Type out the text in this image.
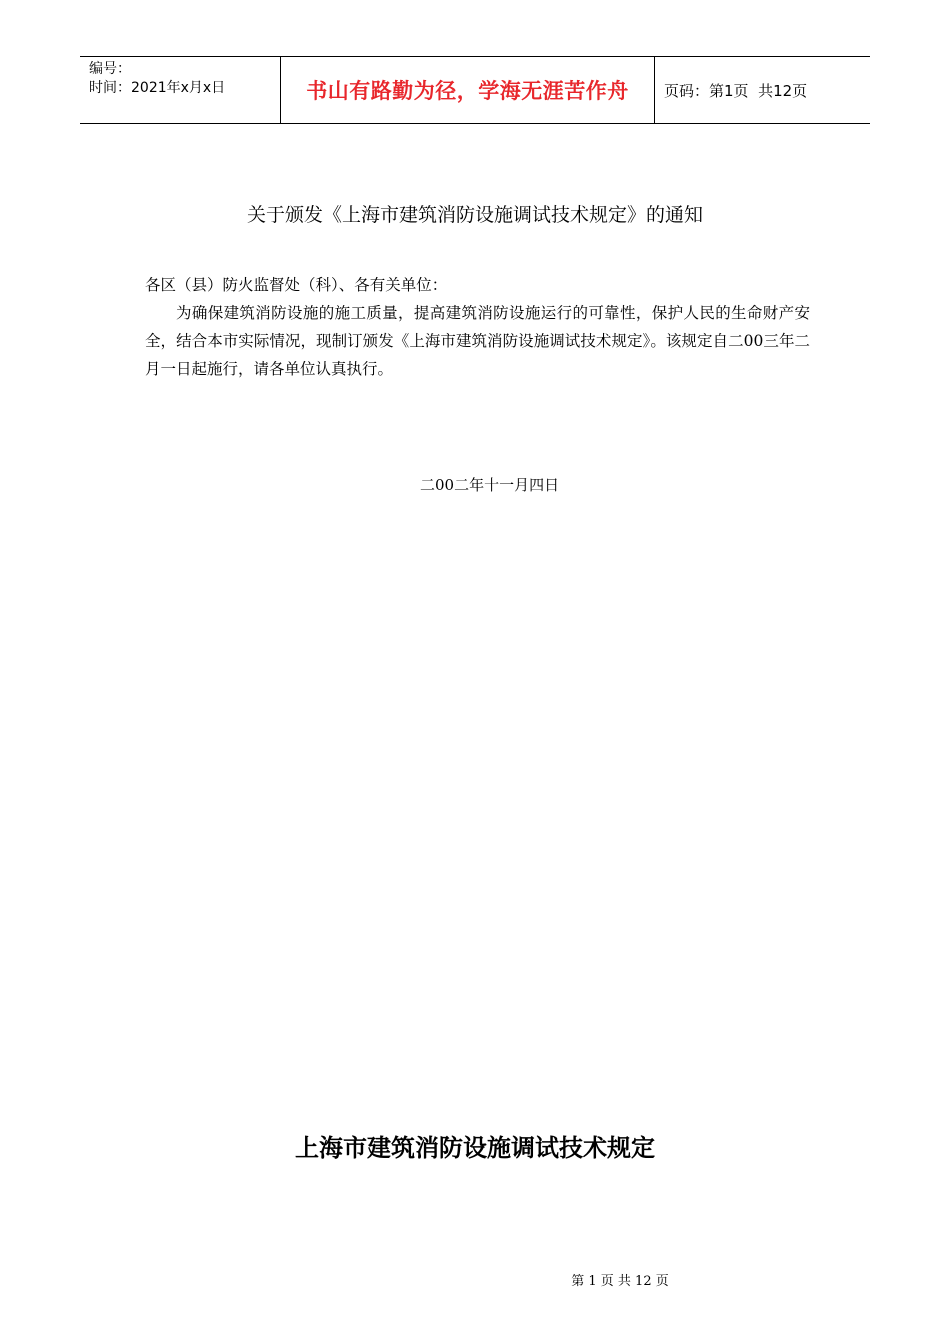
编号：
时间：2021年x月x日	书山有路勤为径，学海无涯苦作舟 页码：第1页  共12页
关于颁发《上海市建筑消防设施调试技术规定》的通知
各区（县）防火监督处（科）、各有关单位：
为确保建筑消防设施的施工质量，提高建筑消防设施运行的可靠性，保护人民的生命财产安全，结合本市实际情况，现制订颁发《上海市建筑消防设施调试技术规定》。该规定自二00三年二月一日起施行，请各单位认真执行。
二00二年十一月四日
上海市建筑消防设施调试技术规定
第 1 页 共 12 页
